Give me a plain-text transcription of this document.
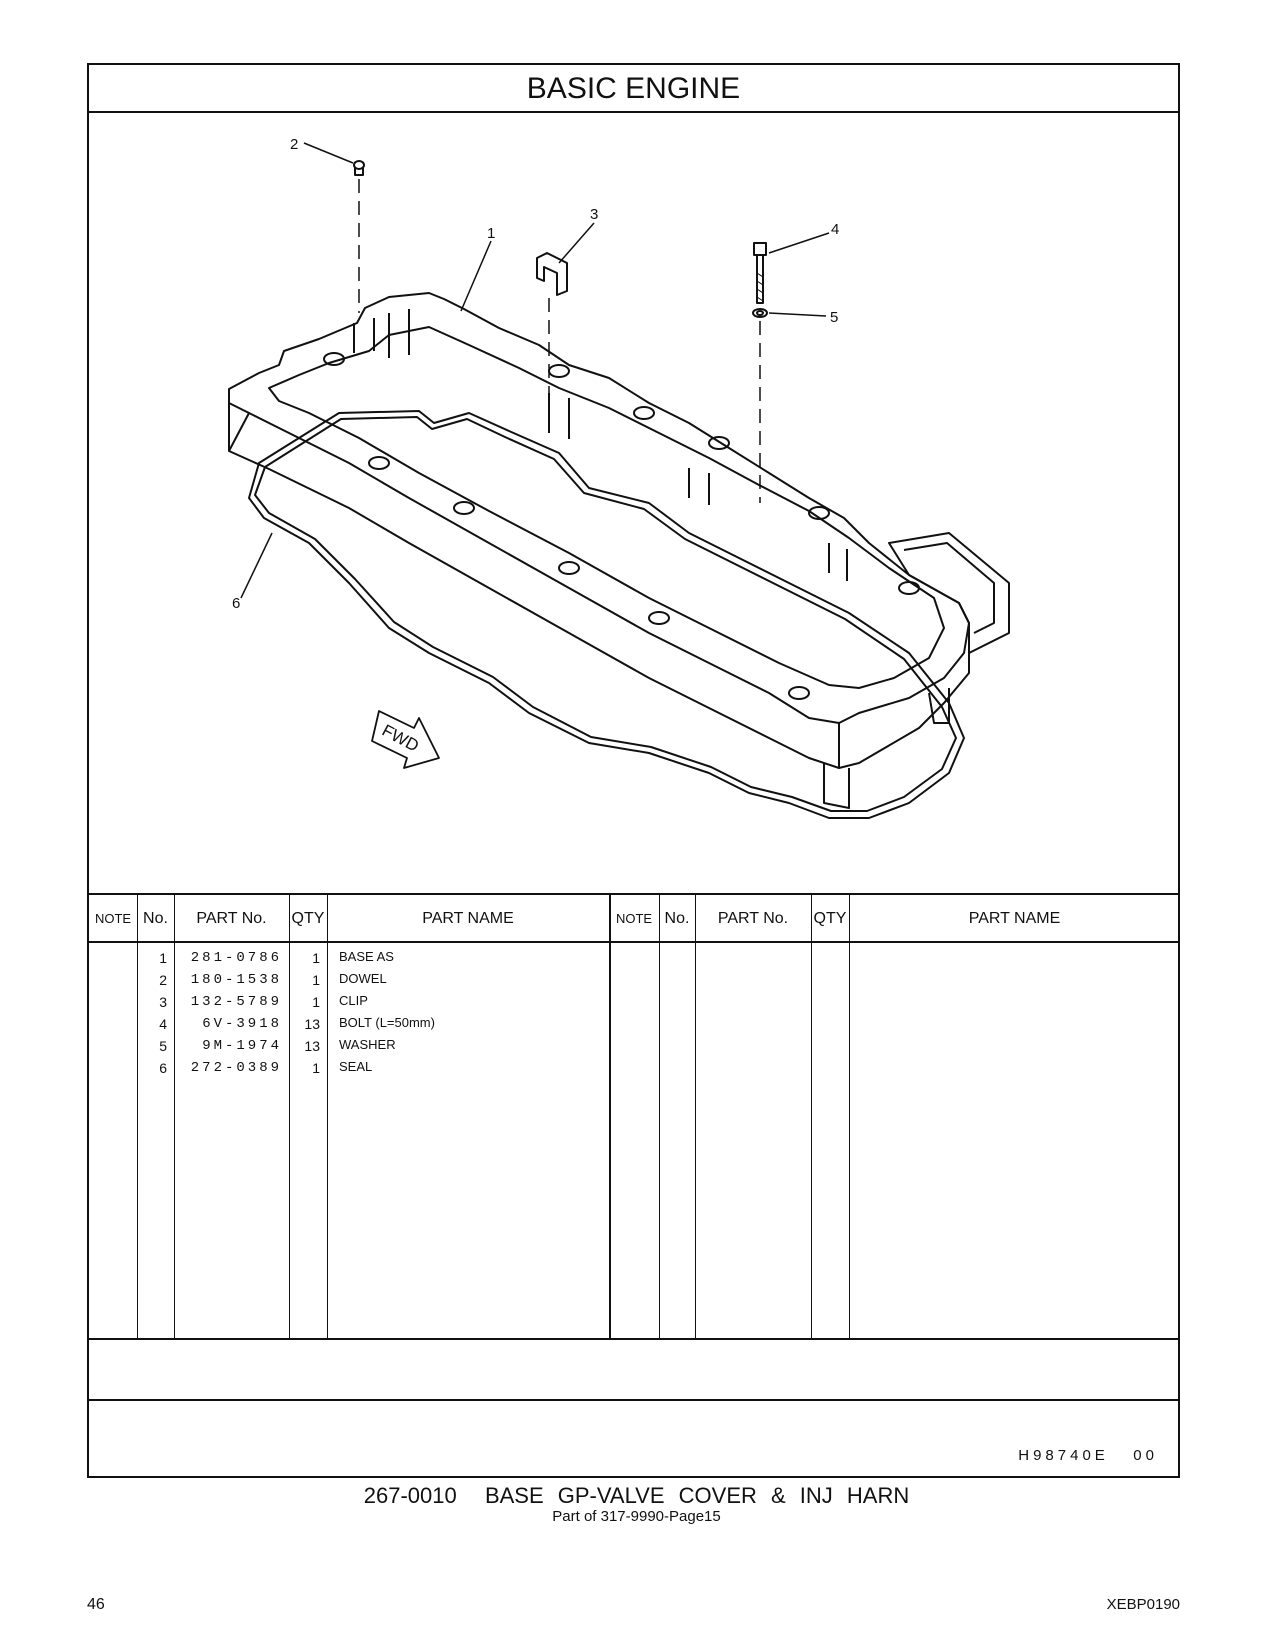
BASIC ENGINE
2
1
3
4
5
6
FWD
NOTE No.	PART No.	QTY	PART NAME	NOTE No.	PART No.	QTY	PART NAME
1	281-0786	1 BASE AS
2	180-1538	1 DOWEL
3	132-5789	1 CLIP
4	6V-3918	13 BOLT (L=50mm)
5	9M-1974	13 WASHER
6	272-0389	1 SEAL
H98740E   00
267-0010  BASE GP-VALVE COVER & INJ HARN
Part of 317-9990-Page15
46	XEBP0190
